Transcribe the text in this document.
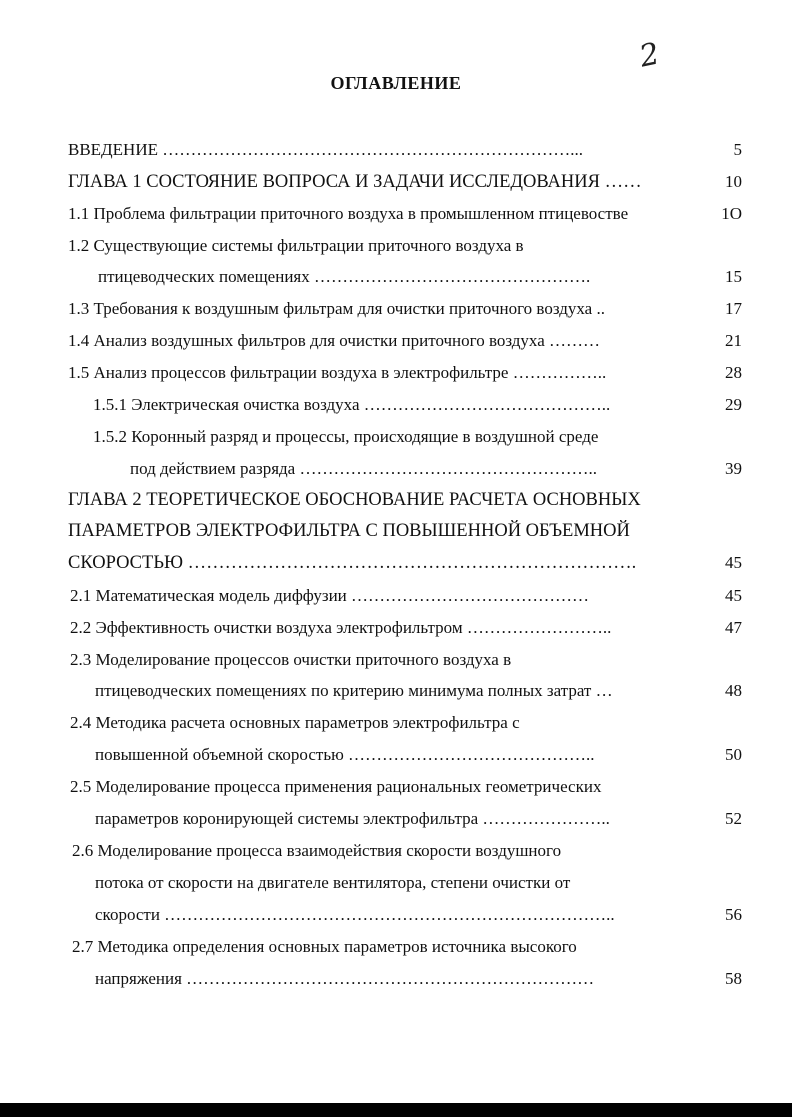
2
ОГЛАВЛЕНИЕ
ВВЕДЕНИЕ ………………………………………………………………...	5
ГЛАВА 1 СОСТОЯНИЕ ВОПРОСА И ЗАДАЧИ ИССЛЕДОВАНИЯ ……	10
1.1 Проблема фильтрации приточного воздуха в промышленном птицевостве	1О
1.2 Существующие системы фильтрации приточного воздуха в
птицеводческих помещениях ………………………………………….	15
1.3 Требования к воздушным фильтрам для очистки приточного воздуха ..	17
1.4 Анализ воздушных фильтров для очистки приточного воздуха ………	21
1.5 Анализ процессов фильтрации воздуха в электрофильтре ……………..	28
1.5.1 Электрическая очистка воздуха ……………………………………..	29
1.5.2 Коронный разряд и процессы, происходящие в воздушной среде
под действием разряда ……………………………………………..	39
ГЛАВА 2 ТЕОРЕТИЧЕСКОЕ ОБОСНОВАНИЕ РАСЧЕТА ОСНОВНЫХ
ПАРАМЕТРОВ ЭЛЕКТРОФИЛЬТРА С ПОВЫШЕННОЙ ОБЪЕМНОЙ
СКОРОСТЬЮ ……………………………………………………………….	45
2.1 Математическая модель диффузии ……………………………………	45
2.2 Эффективность очистки воздуха электрофильтром ……………………..	47
2.3 Моделирование процессов очистки приточного воздуха в
птицеводческих помещениях по критерию минимума полных затрат …	48
2.4 Методика расчета основных параметров электрофильтра с
повышенной объемной скоростью ……………………………………..	50
2.5 Моделирование процесса применения рациональных геометрических
параметров коронирующей системы электрофильтра …………………..	52
2.6 Моделирование процесса взаимодействия скорости воздушного
потока от скорости на двигателе вентилятора, степени очистки от
скорости ……………………………………………………………………..	56
2.7 Методика определения основных параметров источника высокого
напряжения ………………………………………………………………	58
